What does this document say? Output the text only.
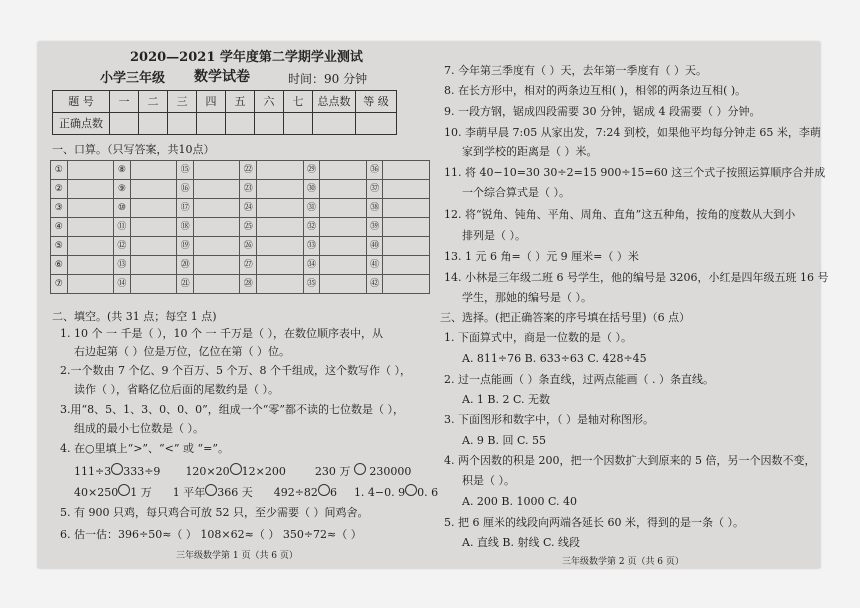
2020—2021 学年度第二学期学业测试
小学三年级 数学试卷	时间：90 分钟
题 号	一	二	三	四	五	六	七	总点数	等 级
正确点数									
一、口算。（只写答案，共10点）
①		⑧		⑮		㉒		㉙		㊱	
②		⑨		⑯		㉓		㉚		㊲	
③		⑩		⑰		㉔		㉛		㊳	
④		⑪		⑱		㉕		㉜		㊴	
⑤		⑫		⑲		㉖		㉝		㊵	
⑥		⑬		⑳		㉗		㉞		㊶	
⑦		⑭		㉑		㉘		㉟		㊷	
二、填空。(共 31 点；每空 1 点)
1. 10 个 一 千是（ ），10 个 一 千万是（ ），在数位顺序表中，从
右边起第（ ）位是万位，亿位在第（ ）位。
2.一个数由 7 个亿、9 个百万、5 个万、8 个千组成，这个数写作（ ），
读作（ ），省略亿位后面的尾数约是（ ）。
3.用“8、5、1、3、0、0、0”，组成一个“零”都不读的七位数是（ ），
组成的最小七位数是（ ）。
4. 在○里填上“>”、“<” 或 “=”。
111÷3 333÷9 120×20 12×200	230 万 230000
40×250 1 万 1 平年 366 天 492÷82 6 1. 4−0. 9 0. 6
5. 有 900 只鸡，每只鸡合可放 52 只，至少需要（ ）间鸡舍。
6. 估一估：396÷50≈（ ） 108×62≈（ ） 350÷72≈（ ）
三年级数学第 1 页（共 6 页）
7. 今年第三季度有（ ）天，去年第一季度有（ ）天。
8. 在长方形中，相对的两条边互相( )，相邻的两条边互相( )。
9. 一段方钢，锯成四段需要 30 分钟，锯成 4 段需要（ ）分钟。
10. 李萌早晨 7:05 从家出发，7:24 到校，如果他平均每分钟走 65 米，李萌
家到学校的距离是（ ）米。
11. 将 40−10=30 30÷2=15 900÷15=60 这三个式子按照运算顺序合并成
一个综合算式是（ ）。
12. 将“锐角、钝角、平角、周角、直角”这五种角，按角的度数从大到小
排列是（ ）。
13. 1 元 6 角=（ ）元 9 厘米=（ ）米
14. 小林是三年级二班 6 号学生，他的编号是 3206，小红是四年级五班 16 号
学生，那她的编号是（ ）。
三、选择。(把正确答案的序号填在括号里)（6 点）
1. 下面算式中，商是一位数的是（ ）。
A. 811÷76 B. 633÷63 C. 428÷45
2. 过一点能画（ ）条直线，过两点能画（ . ）条直线。
A. 1 B. 2 C. 无数
3. 下面图形和数字中，（ ）是轴对称图形。
A. 9 B. 回 C. 55
4. 两个因数的积是 200，把一个因数扩大到原来的 5 倍，另一个因数不变，
积是（ ）。
A. 200 B. 1000 C. 40
5. 把 6 厘米的线段向两端各延长 60 米，得到的是一条（ ）。
A. 直线 B. 射线 C. 线段
三年级数学第 2 页（共 6 页）
